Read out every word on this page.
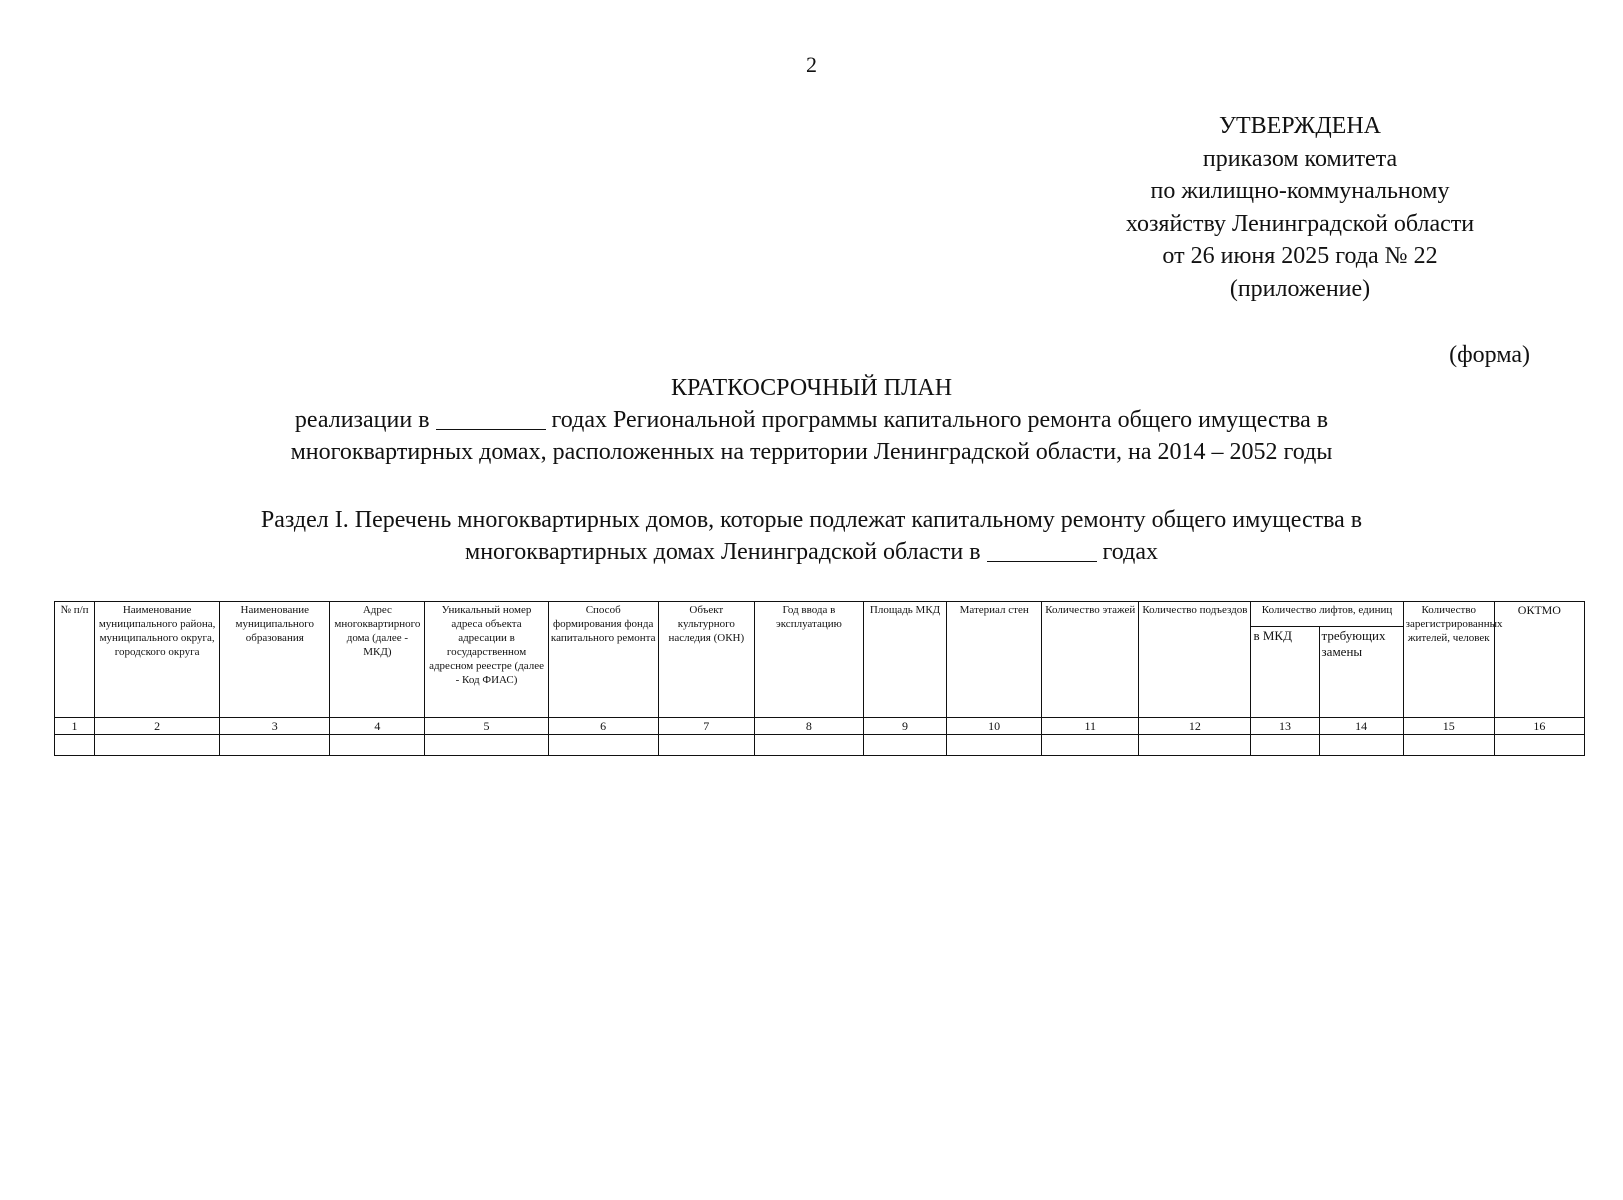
2
УТВЕРЖДЕНА
приказом комитета
по жилищно-коммунальному
хозяйству Ленинградской области
от 26 июня 2025 года № 22
(приложение)
(форма)
КРАТКОСРОЧНЫЙ ПЛАН
реализации в	годах Региональной программы капитального ремонта общего имущества в
многоквартирных домах, расположенных на территории Ленинградской области, на 2014 – 2052 годы
Раздел I. Перечень многоквартирных домов, которые подлежат капитальному ремонту общего имущества в
многоквартирных домах Ленинградской области в	годах
№ п/п	Наименование муниципального района, муниципального округа, городского округа	Наименование муниципального образования	Адрес многоквартирного дома (далее - МКД)	Уникальный номер адреса объекта адресации в государственном адресном реестре (далее - Код ФИАС)	Способ формирования фонда капитального ремонта	Объект культурного наследия (ОКН)	Год ввода в эксплуатацию	Площадь МКД	Материал стен	Количество этажей	Количество подъездов	Количество лифтов, единиц		Количество зарегистрированных жителей, человек	ОКТМО
												в МКД	требующих замены		
1	2	3	4	5	6	7	8	9	10	11	12	13	14	15	16
